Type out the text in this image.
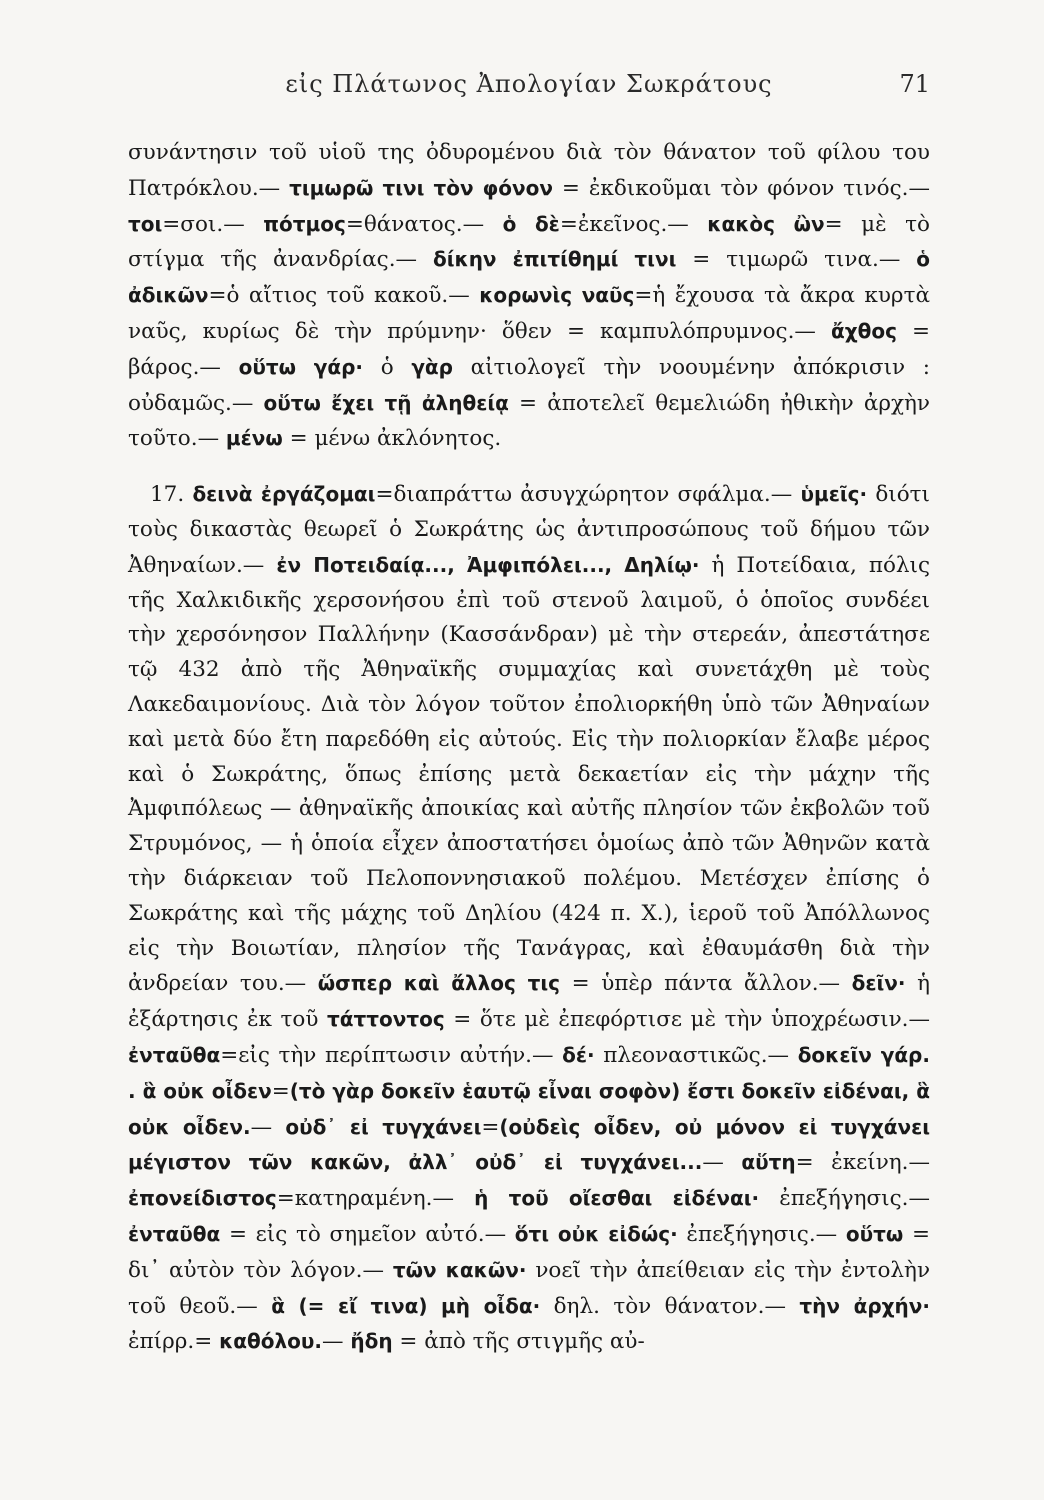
εἰς Πλάτωνος Ἀπολογίαν Σωκράτους	71

συνάντησιν τοῦ υἱοῦ της ὀδυρομένου διὰ τὸν θάνατον τοῦ φίλου του Πατρόκλου.— τιμωρῶ τινι τὸν φόνον = ἐκδικοῦμαι τὸν φόνον τινός.— τοι=σοι.— πότμος=θάνατος.— ὁ δὲ=ἐκεῖνος.— κακὸς ὢν= μὲ τὸ στίγμα τῆς ἀνανδρίας.— δίκην ἐπιτίθημί τινι = τιμωρῶ τινα.— ὁ ἀδικῶν=ὁ αἴτιος τοῦ κακοῦ.— κορωνὶς ναῦς=ἡ ἔχουσα τὰ ἄκρα κυρτὰ ναῦς, κυρίως δὲ τὴν πρύμνην· ὅθεν = καμπυλόπρυμνος.— ἄχθος = βάρος.— οὕτω γάρ· ὁ γὰρ αἰτιολογεῖ τὴν νοουμένην ἀπόκρισιν : οὐδαμῶς.— οὕτω ἔχει τῇ ἀληθείᾳ = ἀποτελεῖ θεμελιώδη ἠθικὴν ἀρχὴν τοῦτο.— μένω = μένω ἀκλόνητος.

17. δεινὰ ἐργάζομαι=διαπράττω ἀσυγχώρητον σφάλμα.— ὑμεῖς· διότι τοὺς δικαστὰς θεωρεῖ ὁ Σωκράτης ὡς ἀντιπροσώπους τοῦ δήμου τῶν Ἀθηναίων.— ἐν Ποτειδαίᾳ..., Ἀμφιπόλει..., Δηλίῳ· ἡ Ποτείδαια, πόλις τῆς Χαλκιδικῆς χερσονήσου ἐπὶ τοῦ στενοῦ λαιμοῦ, ὁ ὁποῖος συνδέει τὴν χερσόνησον Παλλήνην (Κασσάνδραν) μὲ τὴν στερεάν, ἀπεστάτησε τῷ 432 ἀπὸ τῆς Ἀθηναϊκῆς συμμαχίας καὶ συνετάχθη μὲ τοὺς Λακεδαιμονίους. Διὰ τὸν λόγον τοῦτον ἐπολιορκήθη ὑπὸ τῶν Ἀθηναίων καὶ μετὰ δύο ἔτη παρεδόθη εἰς αὐτούς. Εἰς τὴν πολιορκίαν ἔλαβε μέρος καὶ ὁ Σωκράτης, ὅπως ἐπίσης μετὰ δεκαετίαν εἰς τὴν μάχην τῆς Ἀμφιπόλεως — ἀθηναϊκῆς ἀποικίας καὶ αὐτῆς πλησίον τῶν ἐκβολῶν τοῦ Στρυμόνος, — ἡ ὁποία εἶχεν ἀποστατήσει ὁμοίως ἀπὸ τῶν Ἀθηνῶν κατὰ τὴν διάρκειαν τοῦ Πελοποννησιακοῦ πολέμου. Μετέσχεν ἐπίσης ὁ Σωκράτης καὶ τῆς μάχης τοῦ Δηλίου (424 π. Χ.), ἱεροῦ τοῦ Ἀπόλλωνος εἰς τὴν Βοιωτίαν, πλησίον τῆς Τανάγρας, καὶ ἐθαυμάσθη διὰ τὴν ἀνδρείαν του.— ὥσπερ καὶ ἄλλος τις = ὑπὲρ πάντα ἄλλον.— δεῖν· ἡ ἐξάρτησις ἐκ τοῦ τάττοντος = ὅτε μὲ ἐπεφόρτισε μὲ τὴν ὑποχρέωσιν.— ἐνταῦθα=εἰς τὴν περίπτωσιν αὐτήν.— δέ· πλεοναστικῶς.— δοκεῖν γάρ. . ἃ οὐκ οἶδεν=(τὸ γὰρ δοκεῖν ἑαυτῷ εἶναι σοφὸν) ἔστι δοκεῖν εἰδέναι, ἃ οὐκ οἶδεν.— οὐδ᾽ εἰ τυγχάνει=(οὐδεὶς οἶδεν, οὐ μόνον εἰ τυγχάνει μέγιστον τῶν κακῶν, ἀλλ᾽ οὐδ᾽ εἰ τυγχάνει...— αὕτη= ἐκείνη.— ἐπονείδιστος=κατηραμένη.— ἡ τοῦ οἴεσθαι εἰδέναι· ἐπεξήγησις.— ἐνταῦθα = εἰς τὸ σημεῖον αὐτό.— ὅτι οὐκ εἰδώς· ἐπεξήγησις.— οὕτω = δι᾽ αὐτὸν τὸν λόγον.— τῶν κακῶν· νοεῖ τὴν ἀπείθειαν εἰς τὴν ἐντολὴν τοῦ θεοῦ.— ἃ (= εἴ τινα) μὴ οἶδα· δηλ. τὸν θάνατον.— τὴν ἀρχήν· ἐπίρρ.= καθόλου.— ἤδη = ἀπὸ τῆς στιγμῆς αὐ-
